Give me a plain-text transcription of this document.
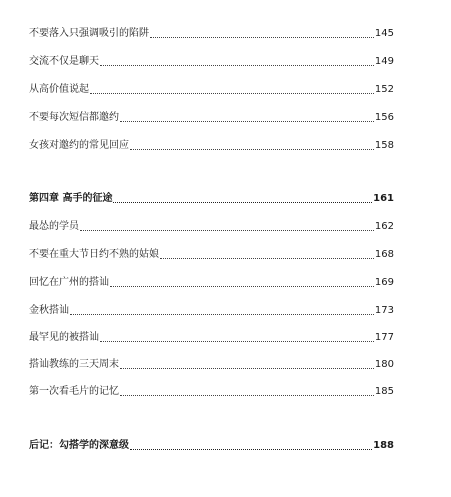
不要落入只强调吸引的陷阱	145
交流不仅是聊天	149
从高价值说起	152
不要每次短信都邀约	156
女孩对邀约的常见回应	158
第四章 高手的征途	161
最怂的学员	162
不要在重大节日约不熟的姑娘	168
回忆在广州的搭讪	169
金秋搭讪	173
最罕见的被搭讪	177
搭讪教练的三天周末	180
第一次看毛片的记忆	185
后记：勾搭学的深意级	188
